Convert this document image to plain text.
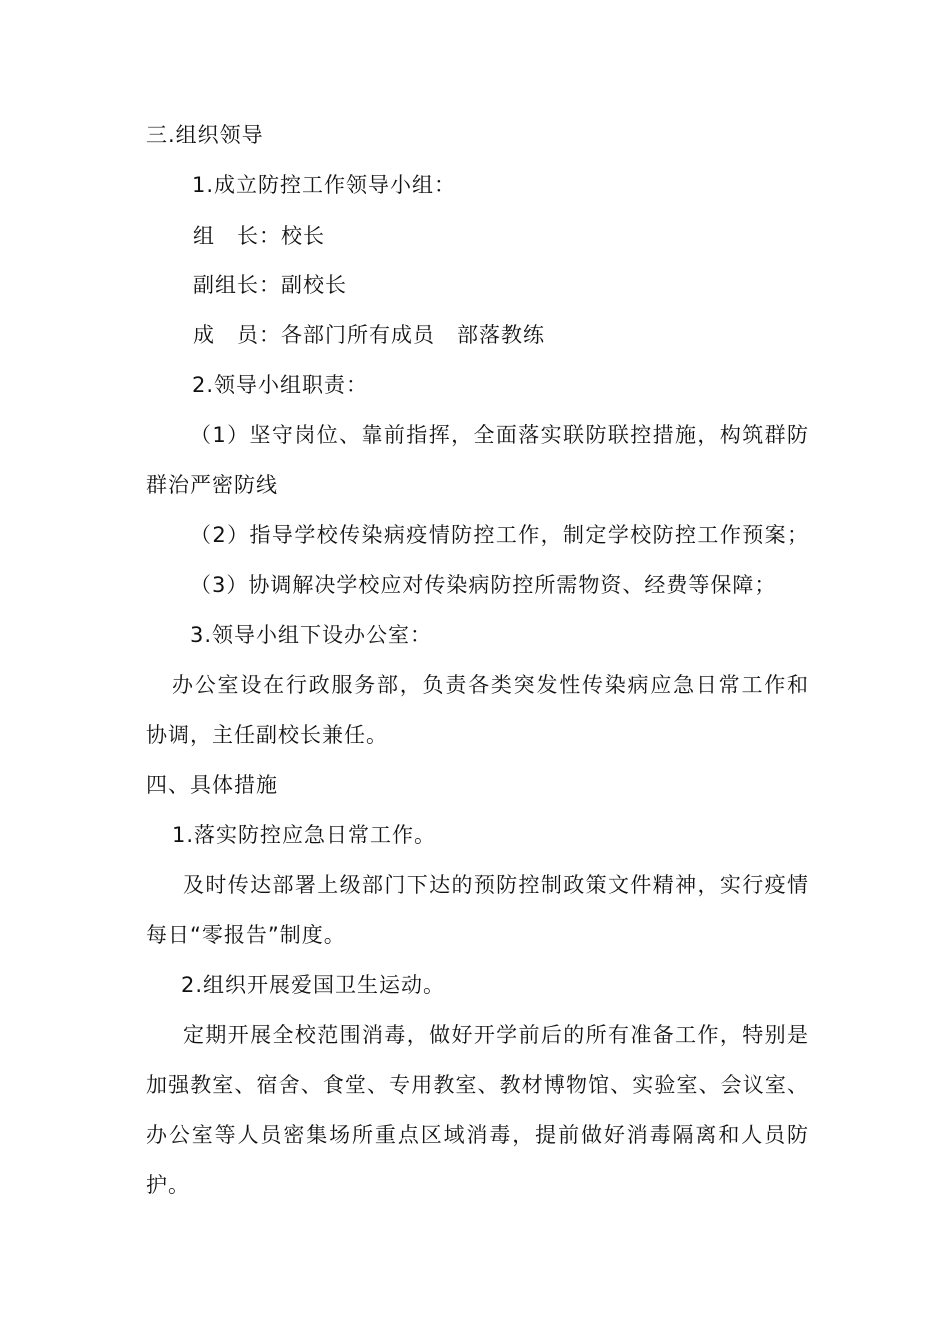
三.组织领导
1.成立防控工作领导小组：
组　长：校长
副组长：副校长
成　员：各部门所有成员　部落教练
2.领导小组职责：
（1）坚守岗位、靠前指挥，全面落实联防联控措施，构筑群防
群治严密防线
（2）指导学校传染病疫情防控工作，制定学校防控工作预案；
（3）协调解决学校应对传染病防控所需物资、经费等保障；
3.领导小组下设办公室：
办公室设在行政服务部，负责各类突发性传染病应急日常工作和
协调，主任副校长兼任。
四、具体措施
1.落实防控应急日常工作。
及时传达部署上级部门下达的预防控制政策文件精神，实行疫情
每日“零报告”制度。
2.组织开展爱国卫生运动。
定期开展全校范围消毒，做好开学前后的所有准备工作，特别是
加强教室、宿舍、食堂、专用教室、教材博物馆、实验室、会议室、
办公室等人员密集场所重点区域消毒，提前做好消毒隔离和人员防
护。
